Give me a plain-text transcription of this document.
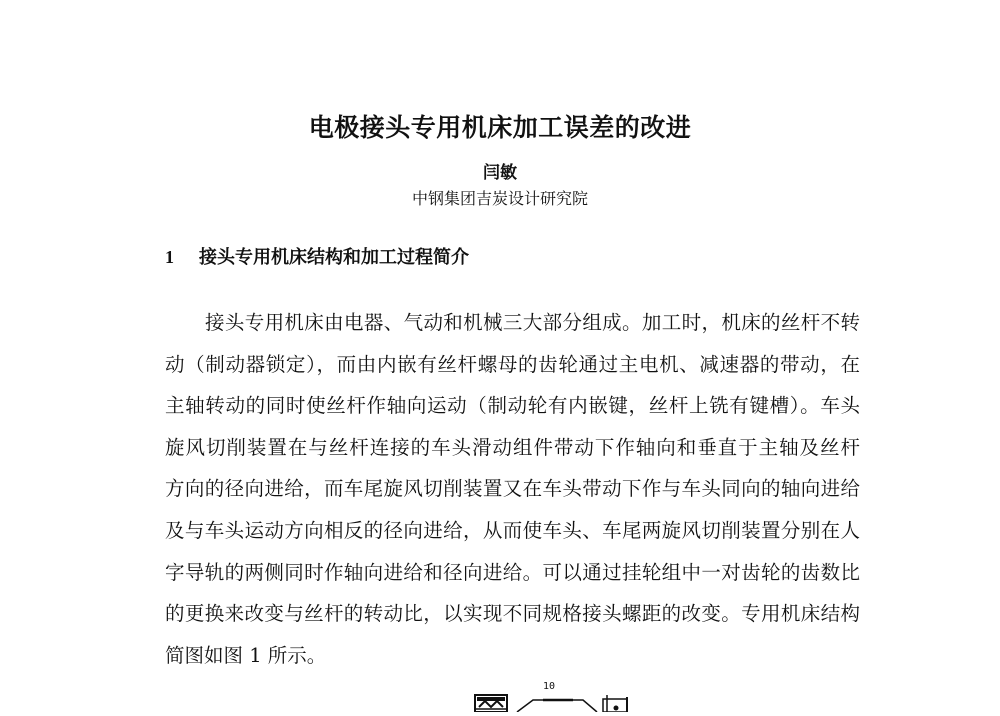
电极接头专用机床加工误差的改进
闫敏
中钢集团吉炭设计研究院
1 接头专用机床结构和加工过程简介
接头专用机床由电器、气动和机械三大部分组成。加工时，机床的丝杆不转
动（制动器锁定），而由内嵌有丝杆螺母的齿轮通过主电机、减速器的带动，在
主轴转动的同时使丝杆作轴向运动（制动轮有内嵌键，丝杆上铣有键槽）。车头
旋风切削装置在与丝杆连接的车头滑动组件带动下作轴向和垂直于主轴及丝杆
方向的径向进给，而车尾旋风切削装置又在车头带动下作与车头同向的轴向进给
及与车头运动方向相反的径向进给，从而使车头、车尾两旋风切削装置分别在人
字导轨的两侧同时作轴向进给和径向进给。可以通过挂轮组中一对齿轮的齿数比
的更换来改变与丝杆的转动比，以实现不同规格接头螺距的改变。专用机床结构
简图如图 1 所示。
10
